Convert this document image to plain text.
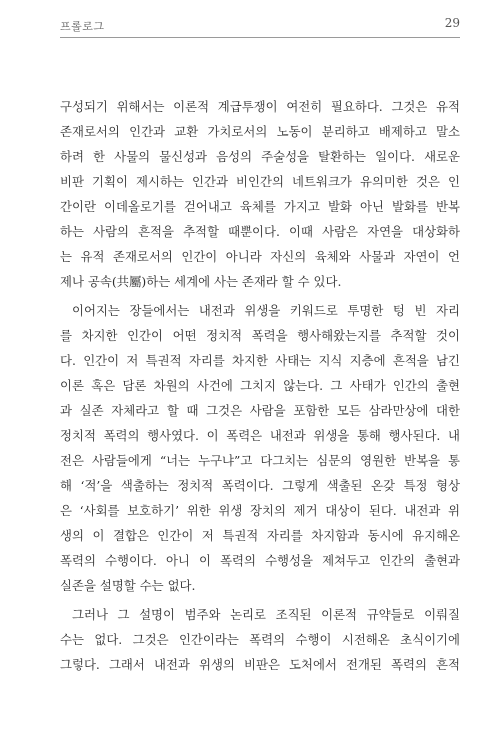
프롤로그	29
구성되기 위해서는 이론적 계급투쟁이 여전히 필요하다. 그것은 유적
존재로서의 인간과 교환 가치로서의 노동이 분리하고 배제하고 말소
하려 한 사물의 물신성과 음성의 주술성을 탈환하는 일이다. 새로운
비판 기획이 제시하는 인간과 비인간의 네트워크가 유의미한 것은 인
간이란 이데올로기를 걷어내고 육체를 가지고 발화 아닌 발화를 반복
하는 사람의 흔적을 추적할 때뿐이다. 이때 사람은 자연을 대상화하
는 유적 존재로서의 인간이 아니라 자신의 육체와 사물과 자연이 언
제나 공속(共屬)하는 세계에 사는 존재라 할 수 있다.
이어지는 장들에서는 내전과 위생을 키워드로 투명한 텅 빈 자리
를 차지한 인간이 어떤 정치적 폭력을 행사해왔는지를 추적할 것이
다. 인간이 저 특권적 자리를 차지한 사태는 지식 지층에 흔적을 남긴
이론 혹은 담론 차원의 사건에 그치지 않는다. 그 사태가 인간의 출현
과 실존 자체라고 할 때 그것은 사람을 포함한 모든 삼라만상에 대한
정치적 폭력의 행사였다. 이 폭력은 내전과 위생을 통해 행사된다. 내
전은 사람들에게 “너는 누구냐”고 다그치는 심문의 영원한 반복을 통
해 ‘적’을 색출하는 정치적 폭력이다. 그렇게 색출된 온갖 특정 형상
은 ‘사회를 보호하기’ 위한 위생 장치의 제거 대상이 된다. 내전과 위
생의 이 결합은 인간이 저 특권적 자리를 차지함과 동시에 유지해온
폭력의 수행이다. 아니 이 폭력의 수행성을 제쳐두고 인간의 출현과
실존을 설명할 수는 없다.
그러나 그 설명이 범주와 논리로 조직된 이론적 규약들로 이뤄질
수는 없다. 그것은 인간이라는 폭력의 수행이 시전해온 초식이기에
그렇다. 그래서 내전과 위생의 비판은 도처에서 전개된 폭력의 흔적
